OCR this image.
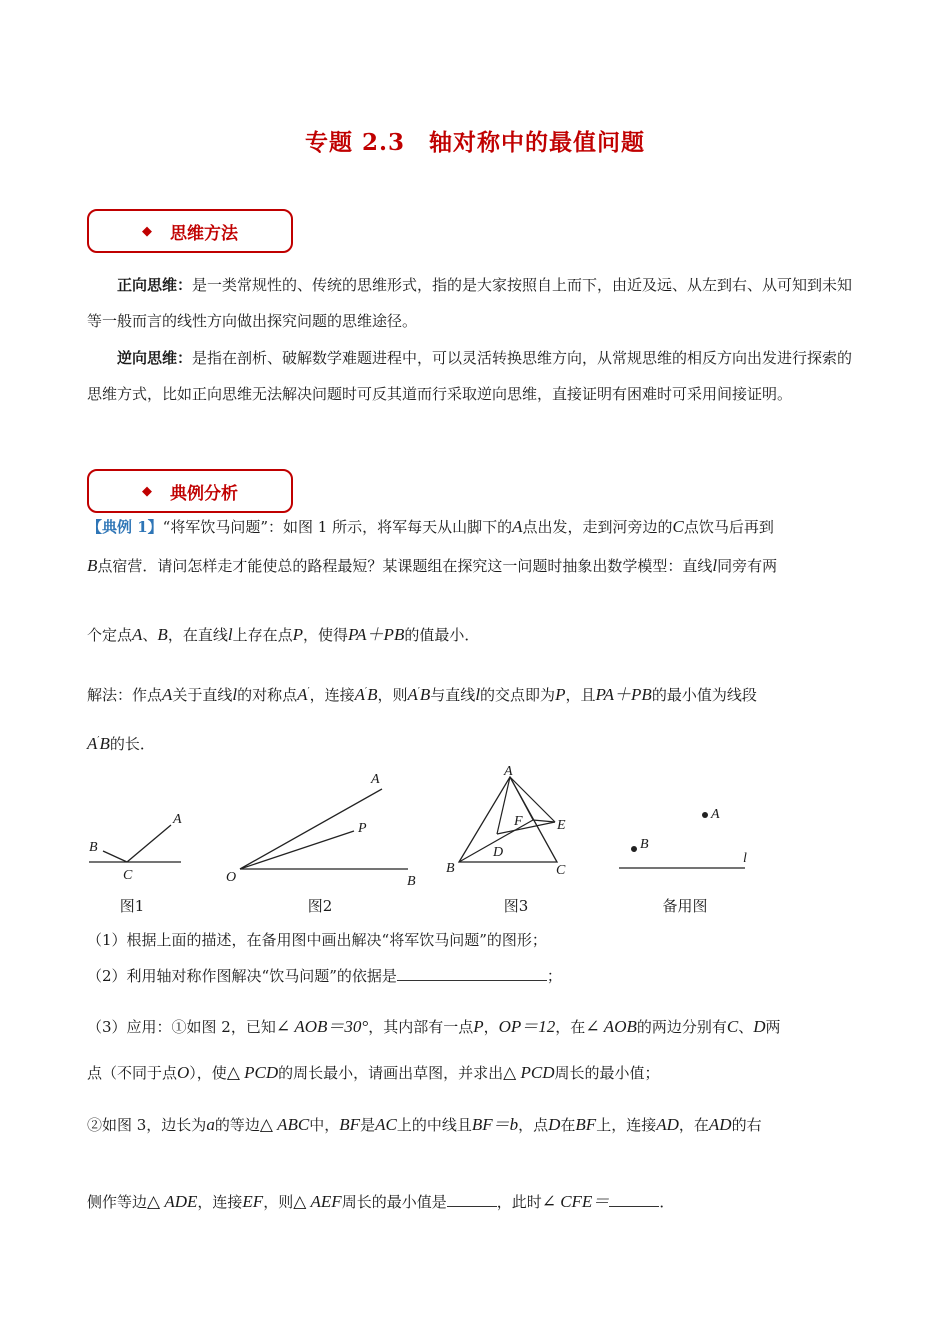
专题 2.3　轴对称中的最值问题
◆ 思维方法
正向思维：是一类常规性的、传统的思维形式，指的是大家按照自上而下，由近及远、从左到右、从可知到未知等一般而言的线性方向做出探究问题的思维途径。
逆向思维：是指在剖析、破解数学难题进程中，可以灵活转换思维方向，从常规思维的相反方向出发进行探索的思维方式，比如正向思维无法解决问题时可反其道而行采取逆向思维，直接证明有困难时可采用间接证明。
◆ 典例分析
【典例 1】“将军饮马问题”：如图 1 所示，将军每天从山脚下的A点出发，走到河旁边的C点饮马后再到
B点宿营．请问怎样走才能使总的路程最短？某课题组在探究这一问题时抽象出数学模型：直线l同旁有两
个定点A、B，在直线l上存在点P，使得PA＋PB的值最小．
解法：作点A关于直线l的对称点A′，连接A′B，则A′B与直线l的交点即为P，且PA＋PB的最小值为线段
A′B的长．
A
B
C
图1
A
P
O	B
图2
A
E
F
D
B	C
图3
A
B
l
备用图
（1）根据上面的描述，在备用图中画出解决“将军饮马问题”的图形；
（2）利用轴对称作图解决“饮马问题”的依据是	；
（3）应用：①如图 2，已知∠ AOB＝30°，其内部有一点P，OP＝12，在∠ AOB的两边分别有C、D两
点（不同于点O），使△ PCD的周长最小，请画出草图，并求出△ PCD周长的最小值；
②如图 3，边长为a的等边△ ABC中，BF是AC上的中线且BF＝b，点D在BF上，连接AD，在AD的右
侧作等边△ ADE，连接EF，则△ AEF周长的最小值是	，此时∠ CFE＝	．
